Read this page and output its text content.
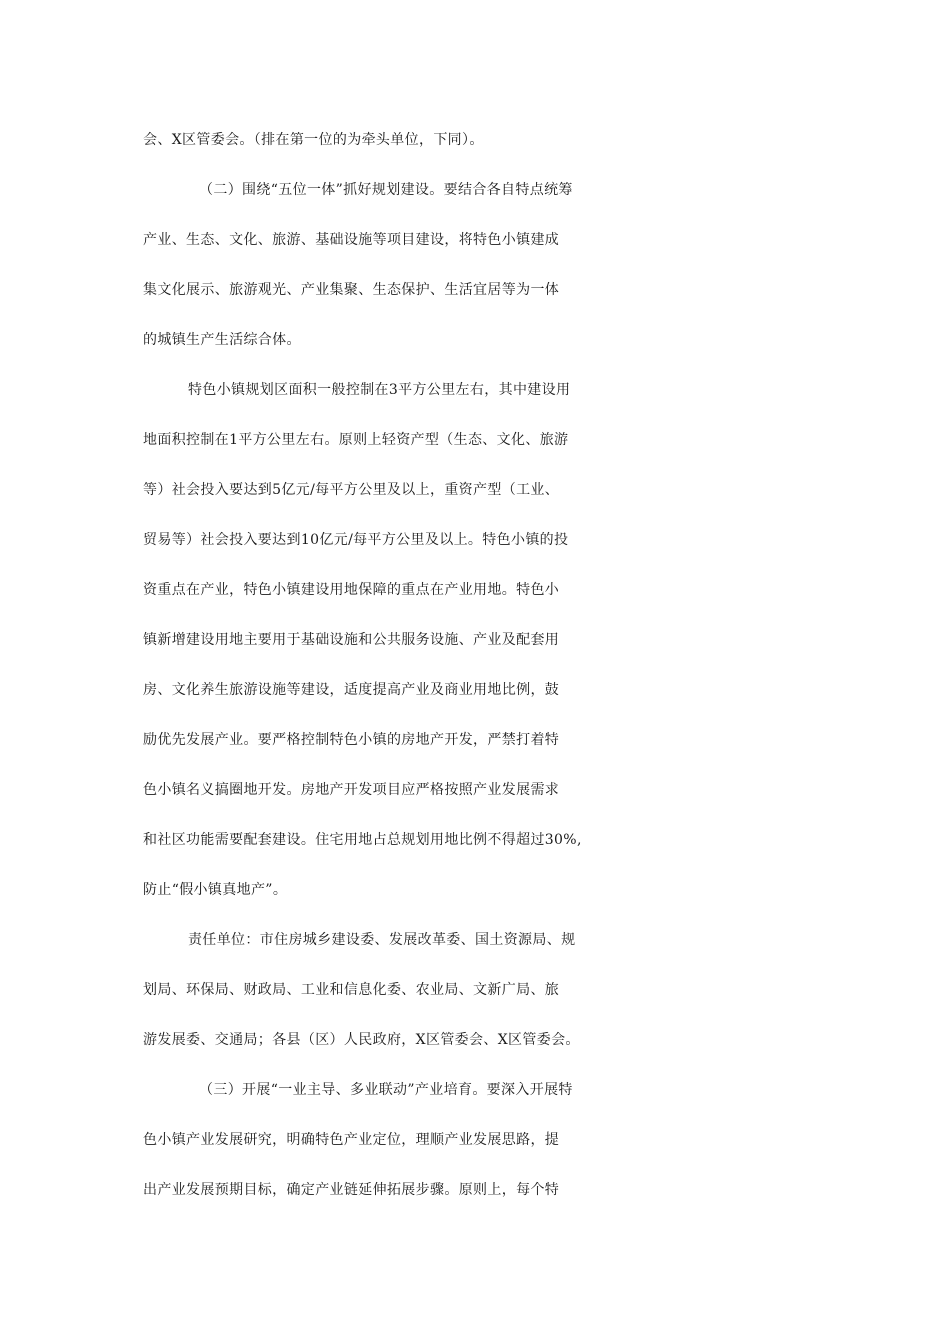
会、X区管委会。（排在第一位的为牵头单位，下同）。
（二）围绕“五位一体”抓好规划建设。要结合各自特点统筹
产业、生态、文化、旅游、基础设施等项目建设，将特色小镇建成
集文化展示、旅游观光、产业集聚、生态保护、生活宜居等为一体
的城镇生产生活综合体。
特色小镇规划区面积一般控制在3平方公里左右，其中建设用
地面积控制在1平方公里左右。原则上轻资产型（生态、文化、旅游
等）社会投入要达到5亿元/每平方公里及以上，重资产型（工业、
贸易等）社会投入要达到10亿元/每平方公里及以上。特色小镇的投
资重点在产业，特色小镇建设用地保障的重点在产业用地。特色小
镇新增建设用地主要用于基础设施和公共服务设施、产业及配套用
房、文化养生旅游设施等建设，适度提高产业及商业用地比例，鼓
励优先发展产业。要严格控制特色小镇的房地产开发，严禁打着特
色小镇名义搞圈地开发。房地产开发项目应严格按照产业发展需求
和社区功能需要配套建设。住宅用地占总规划用地比例不得超过30%,
防止“假小镇真地产”。
责任单位：市住房城乡建设委、发展改革委、国土资源局、规
划局、环保局、财政局、工业和信息化委、农业局、文新广局、旅
游发展委、交通局；各县（区）人民政府，X区管委会、X区管委会。
（三）开展“一业主导、多业联动”产业培育。要深入开展特
色小镇产业发展研究，明确特色产业定位，理顺产业发展思路，提
出产业发展预期目标，确定产业链延伸拓展步骤。原则上，每个特
